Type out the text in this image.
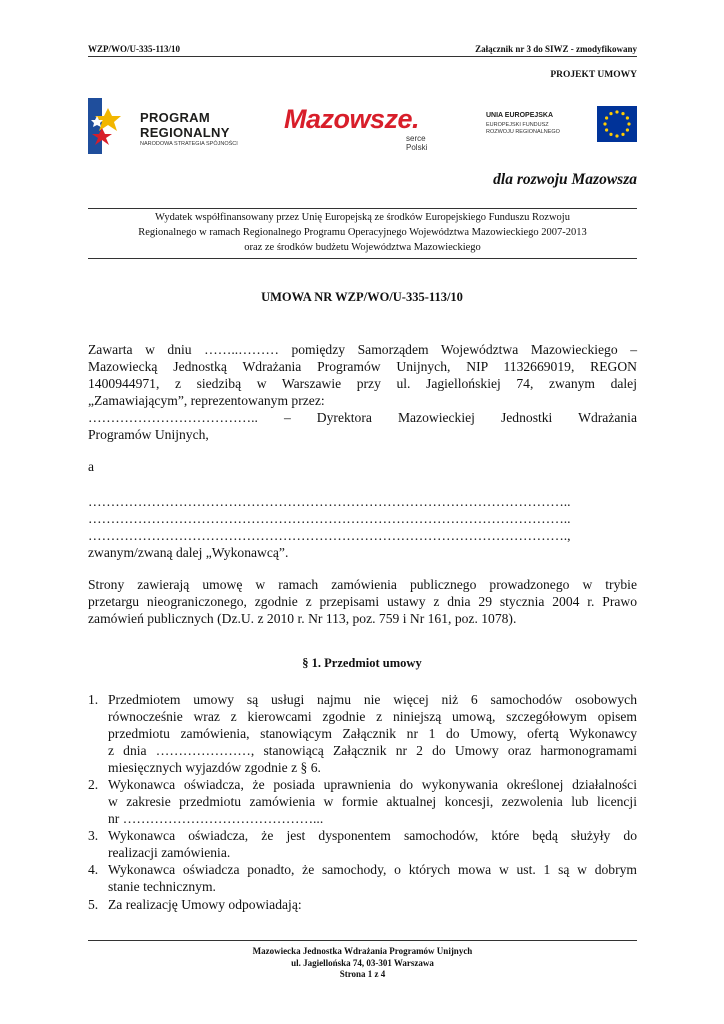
WZP/WO/U-335-113/10	Załącznik nr 3 do SIWZ - zmodyfikowany
PROJEKT UMOWY
PROGRAM
REGIONALNY
NARODOWA STRATEGIA SPÓJNOŚCI
Mazowsze.
serce Polski
UNIA EUROPEJSKA
EUROPEJSKI FUNDUSZ
ROZWOJU REGIONALNEGO
dla rozwoju Mazowsza
Wydatek współfinansowany przez Unię Europejską ze środków Europejskiego Funduszu Rozwoju
Regionalnego w ramach Regionalnego Programu Operacyjnego Województwa Mazowieckiego 2007-2013
oraz ze środków budżetu Województwa Mazowieckiego
UMOWA NR WZP/WO/U-335-113/10
Zawarta w dniu ……..……… pomiędzy Samorządem Województwa Mazowieckiego –
Mazowiecką Jednostką Wdrażania Programów Unijnych, NIP 1132669019, REGON
1400944971, z siedzibą w Warszawie przy ul. Jagiellońskiej 74, zwanym dalej
„Zamawiającym”, reprezentowanym przez:
……………………………….. – Dyrektora Mazowieckiej Jednostki Wdrażania
Programów Unijnych,
a
……………………………………………………………………………………………..
……………………………………………………………………………………………..
…………………………………………………………………………………………….,
zwanym/zwaną dalej „Wykonawcą”.
Strony zawierają umowę w ramach zamówienia publicznego prowadzonego w trybie
przetargu nieograniczonego, zgodnie z przepisami ustawy z dnia 29 stycznia 2004 r. Prawo
zamówień publicznych (Dz.U. z 2010 r. Nr 113, poz. 759 i Nr 161, poz. 1078).
§ 1. Przedmiot umowy
1. Przedmiotem umowy są usługi najmu nie więcej niż 6 samochodów osobowych
równocześnie wraz z kierowcami zgodnie z niniejszą umową, szczegółowym opisem
przedmiotu zamówienia, stanowiącym Załącznik nr 1 do Umowy, ofertą Wykonawcy
z dnia …………………, stanowiącą Załącznik nr 2 do Umowy oraz harmonogramami
miesięcznych wyjazdów zgodnie z § 6.
2. Wykonawca oświadcza, że posiada uprawnienia do wykonywania określonej działalności
w zakresie przedmiotu zamówienia w formie aktualnej koncesji, zezwolenia lub licencji
nr ……………………………………...
3. Wykonawca oświadcza, że jest dysponentem samochodów, które będą służyły do
realizacji zamówienia.
4. Wykonawca oświadcza ponadto, że samochody, o których mowa w ust. 1 są w dobrym
stanie technicznym.
5. Za realizację Umowy odpowiadają:
Mazowiecka Jednostka Wdrażania Programów Unijnych
ul. Jagiellońska 74, 03-301 Warszawa
Strona 1 z 4
